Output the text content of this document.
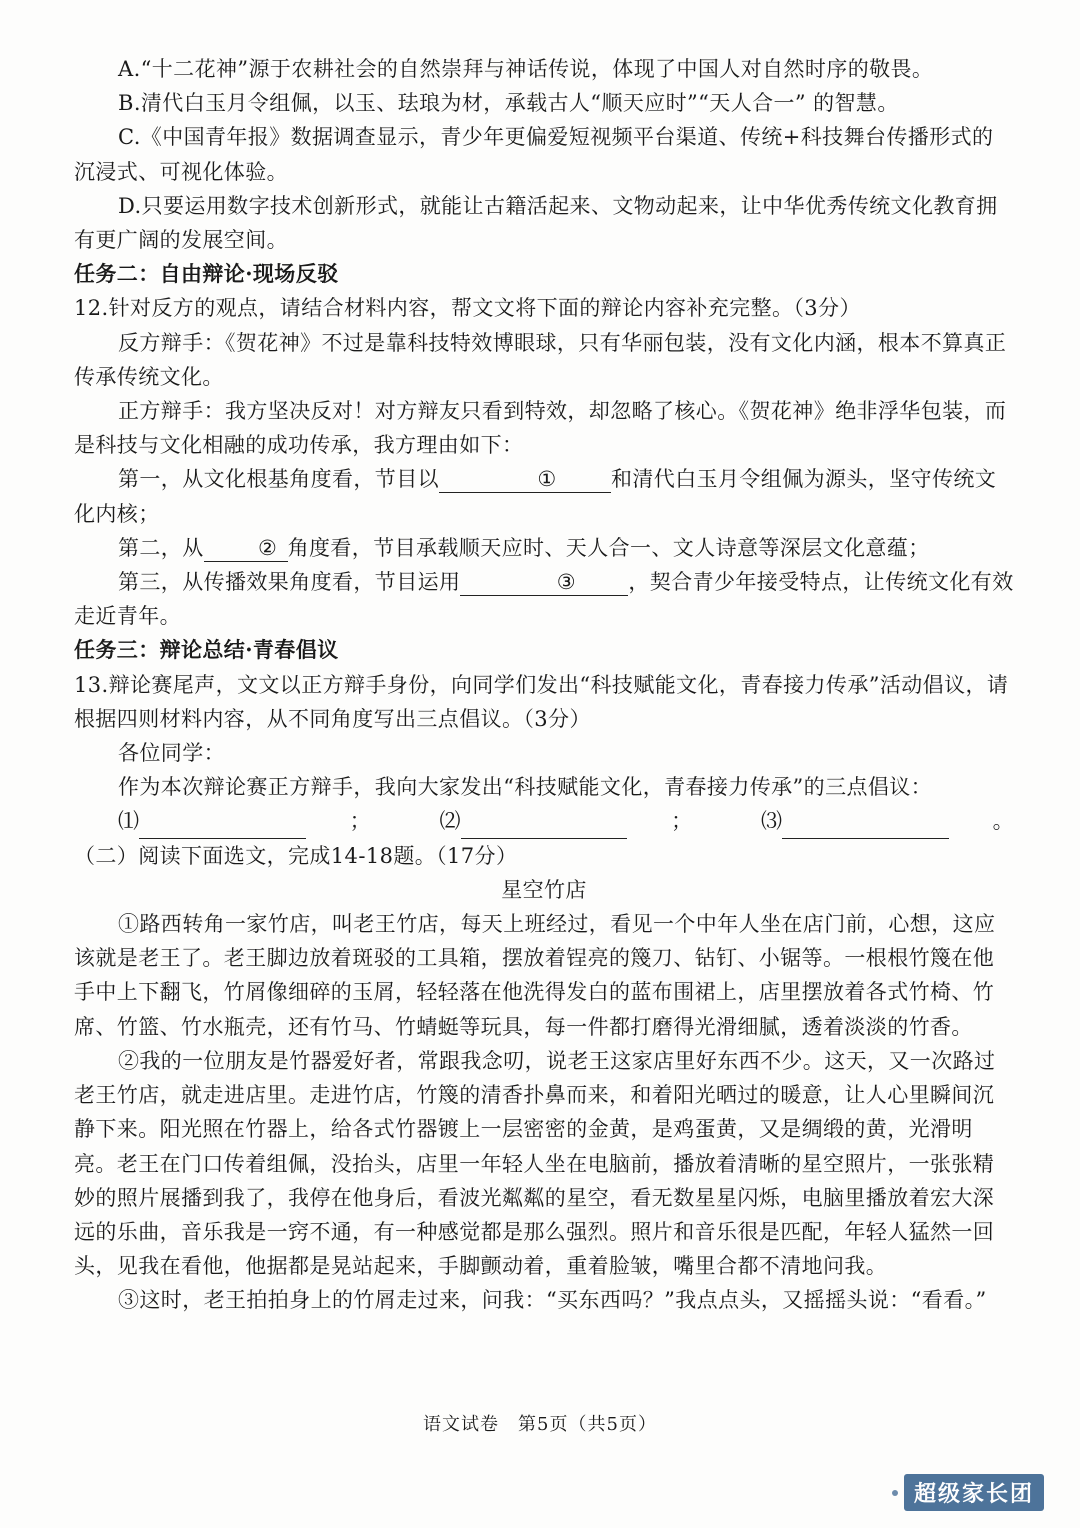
A.“十二花神”源于农耕社会的自然崇拜与神话传说，体现了中国人对自然时序的敬畏。

B.清代白玉月令组佩，以玉、珐琅为材，承载古人“顺天应时”“天人合一” 的智慧。

C.《中国青年报》数据调查显示，青少年更偏爱短视频平台渠道、传统+科技舞台传播形式的沉浸式、可视化体验。

D.只要运用数字技术创新形式，就能让古籍活起来、文物动起来，让中华优秀传统文化教育拥有更广阔的发展空间。

任务二：自由辩论·现场反驳

12.针对反方的观点，请结合材料内容，帮文文将下面的辩论内容补充完整。（3分）

反方辩手：《贺花神》不过是靠科技特效博眼球，只有华丽包装，没有文化内涵，根本不算真正传承传统文化。

正方辩手：我方坚决反对！对方辩友只看到特效，却忽略了核心。《贺花神》绝非浮华包装，而是科技与文化相融的成功传承，我方理由如下：

第一，从文化根基角度看，节目以	①	和清代白玉月令组佩为源头，坚守传统文化内核；

第二，从	② 角度看，节目承载顺天应时、天人合一、文人诗意等深层文化意蕴；

第三，从传播效果角度看，节目运用	③ ，契合青少年接受特点，让传统文化有效走近青年。

任务三：辩论总结·青春倡议

13.辩论赛尾声，文文以正方辩手身份，向同学们发出“科技赋能文化，青春接力传承”活动倡议，请根据四则材料内容，从不同角度写出三点倡议。（3分）

各位同学：

作为本次辩论赛正方辩手，我向大家发出“科技赋能文化，青春接力传承”的三点倡议：

⑴	；	⑵	；	⑶	。

（二）阅读下面选文，完成14-18题。（17分）

星空竹店

①路西转角一家竹店，叫老王竹店，每天上班经过，看见一个中年人坐在店门前，心想，这应该就是老王了。老王脚边放着斑驳的工具箱，摆放着锃亮的篾刀、钻钉、小锯等。一根根竹篾在他手中上下翻飞，竹屑像细碎的玉屑，轻轻落在他洗得发白的蓝布围裙上，店里摆放着各式竹椅、竹席、竹篮、竹水瓶壳，还有竹马、竹蜻蜓等玩具，每一件都打磨得光滑细腻，透着淡淡的竹香。

②我的一位朋友是竹器爱好者，常跟我念叨，说老王这家店里好东西不少。这天，又一次路过老王竹店，就走进店里。走进竹店，竹篾的清香扑鼻而来，和着阳光晒过的暖意，让人心里瞬间沉静下来。阳光照在竹器上，给各式竹器镀上一层密密的金黄，是鸡蛋黄，又是绸缎的黄，光滑明亮。老王在门口传着组佩，没抬头，店里一年轻人坐在电脑前，播放着清晰的星空照片，一张张精妙的照片展播到我了，我停在他身后，看波光粼粼的星空，看无数星星闪烁，电脑里播放着宏大深远的乐曲，音乐我是一窍不通，有一种感觉都是那么强烈。照片和音乐很是匹配，年轻人猛然一回头，见我在看他，他据都是晃站起来，手脚颤动着，重着脸皱，嘴里合都不清地问我。

③这时，老王拍拍身上的竹屑走过来，问我：“买东西吗？”我点点头，又摇摇头说：“看看。”

语文试卷　第5页（共5页）
超级家长团
